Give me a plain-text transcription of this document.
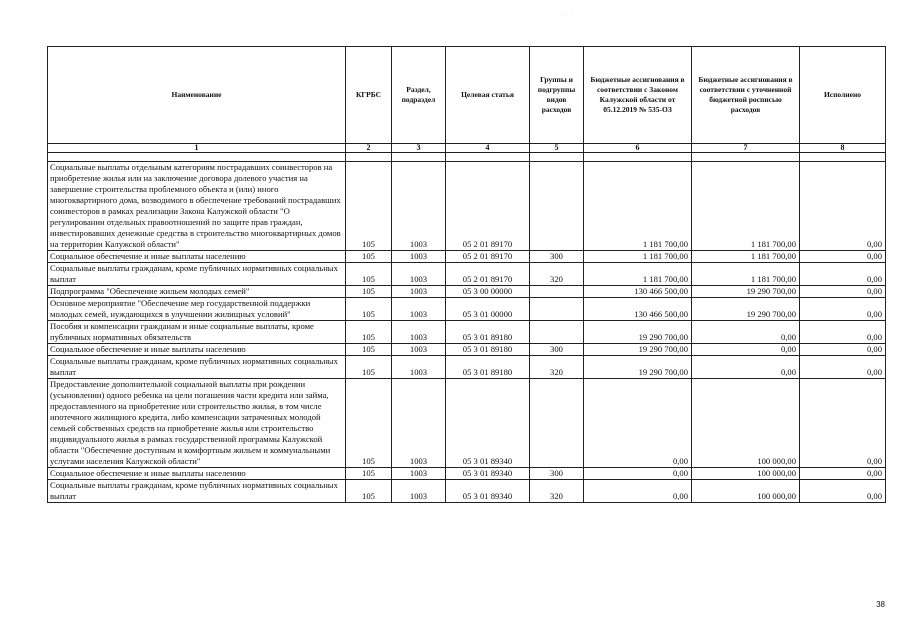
· · ·
Наименование	КГРБС	Раздел, подраздел	Целевая статья	Группы и подгруппы видов расходов	Бюджетные ассигнования в соответствии с Законом Калужской области от 05.12.2019 № 535-ОЗ	Бюджетные ассигнования в соответствии с уточненной бюджетной росписью расходов	Исполнено
1	2	3	4	5	6	7	8

Социальные выплаты отдельным категориям пострадавших соинвесторов на приобретение жилья или на заключение договора долевого участия на завершение строительства проблемного объекта и (или) иного многоквартирного дома, возводимого в обеспечение требований пострадавших соинвесторов в рамках реализации Закона Калужской области "О регулировании отдельных правоотношений по защите прав граждан, инвестировавших денежные средства в строительство многоквартирных домов на территории Калужской области"	105	1003	05 2 01 89170		1 181 700,00	1 181 700,00	0,00
Социальное обеспечение и иные выплаты населению	105	1003	05 2 01 89170	300	1 181 700,00	1 181 700,00	0,00
Социальные выплаты гражданам, кроме публичных нормативных социальных выплат	105	1003	05 2 01 89170	320	1 181 700,00	1 181 700,00	0,00
Подпрограмма "Обеспечение жильем молодых семей"	105	1003	05 3 00 00000		130 466 500,00	19 290 700,00	0,00
Основное мероприятие "Обеспечение мер государственной поддержки молодых семей, нуждающихся в улучшении жилищных условий"	105	1003	05 3 01 00000		130 466 500,00	19 290 700,00	0,00
Пособия и компенсации гражданам и иные социальные выплаты, кроме публичных нормативных обязательств	105	1003	05 3 01 89180		19 290 700,00	0,00	0,00
Социальное обеспечение и иные выплаты населению	105	1003	05 3 01 89180	300	19 290 700,00	0,00	0,00
Социальные выплаты гражданам, кроме публичных нормативных социальных выплат	105	1003	05 3 01 89180	320	19 290 700,00	0,00	0,00
Предоставление дополнительной социальной выплаты при рождении (усыновлении) одного ребенка на цели погашения части кредита или займа, предоставленного на приобретение или строительство жилья, в том числе ипотечного жилищного кредита, либо компенсации затраченных молодой семьей собственных средств на приобретение жилья или строительство индивидуального жилья в рамках государственной программы Калужской области "Обеспечение доступным и комфортным жильем и коммунальными услугами населения Калужской области"	105	1003	05 3 01 89340		0,00	100 000,00	0,00
Социальное обеспечение и иные выплаты населению	105	1003	05 3 01 89340	300	0,00	100 000,00	0,00
Социальные выплаты гражданам, кроме публичных нормативных социальных выплат	105	1003	05 3 01 89340	320	0,00	100 000,00	0,00
38
